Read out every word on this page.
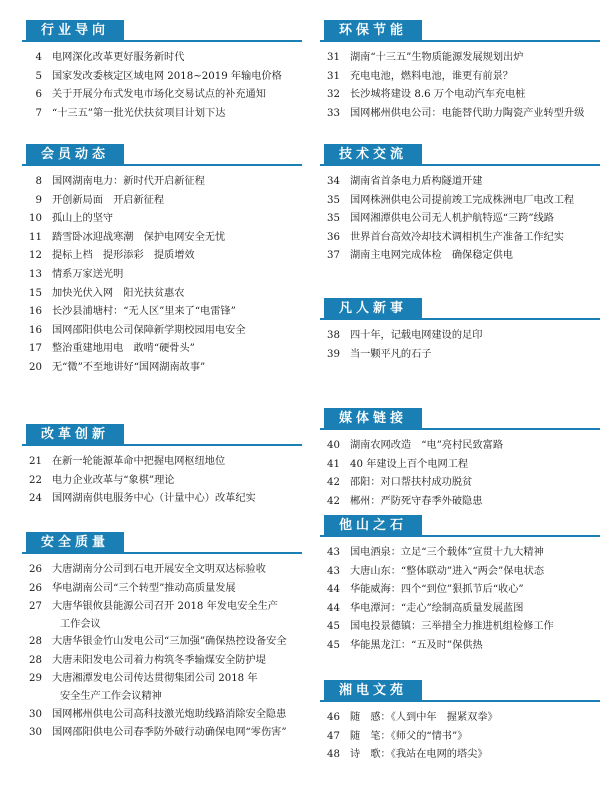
行业导向
4 电网深化改革更好服务新时代
5 国家发改委核定区域电网 2018~2019 年输电价格
6 关于开展分布式发电市场化交易试点的补充通知
7 “十三五”第一批光伏扶贫项目计划下达
会员动态
8 国网湖南电力：新时代开启新征程
9 开创新局面　开启新征程
10 孤山上的坚守
11 踏雪卧冰迎战寒潮　保护电网安全无忧
12 提标上档　提形添彩　提质增效
13 情系万家送光明
15 加快光伏入网　阳光扶贫惠农
16 长沙县浦塘村：“无人区”里来了“电雷锋”
16 国网邵阳供电公司保障新学期校园用电安全
17 整治重建地用电　敢啃“硬骨头”
20 无“微”不至地讲好“国网湖南故事”
改革创新
21 在新一轮能源革命中把握电网枢纽地位
22 电力企业改革与“象棋”理论
24 国网湖南供电服务中心（计量中心）改革纪实
安全质量
26 大唐湖南分公司到石电开展安全文明双达标验收
26 华电湖南公司“三个转型”推动高质量发展
27 大唐华银攸县能源公司召开 2018 年发电安全生产
工作会议
28 大唐华银金竹山发电公司“三加强”确保热控设备安全
28 大唐耒阳发电公司着力构筑冬季输煤安全防护堤
29 大唐湘潭发电公司传达贯彻集团公司 2018 年
安全生产工作会议精神
30 国网郴州供电公司高科技激光炮助线路消除安全隐患
30 国网邵阳供电公司春季防外破行动确保电网“零伤害”
环保节能
31 湖南“十三五”生物质能源发展规划出炉
31 充电电池，燃料电池，谁更有前景？
32 长沙城将建设 8.6 万个电动汽车充电桩
33 国网郴州供电公司：电能替代助力陶瓷产业转型升级
技术交流
34 湖南省首条电力盾构隧道开建
35 国网株洲供电公司提前竣工完成株洲电厂电改工程
35 国网湘潭供电公司无人机护航特巡“三跨”线路
36 世界首台高效冷却技术调相机生产准备工作纪实
37 湖南主电网完成体检　确保稳定供电
凡人新事
38 四十年，记载电网建设的足印
39 当一颗平凡的石子
媒体链接
40 湖南农网改造　“电”亮村民致富路
41 40 年建设上百个电网工程
42 邵阳：对口帮扶村成功脱贫
42 郴州：严防死守春季外破隐患
他山之石
43 国电酒泉：立足“三个载体”宣贯十九大精神
43 大唐山东：“整体联动”进入“两会”保电状态
44 华能威海：四个“到位”狠抓节后“收心”
44 华电潭河：“走心”绘制高质量发展蓝图
45 国电投景德镇：三举措全力推进机组检修工作
45 华能黑龙江：“五及时”保供热
湘电文苑
46 随　感：《人到中年　握紧双拳》
47 随　笔：《师父的“情书”》
48 诗　歌：《我站在电网的塔尖》
